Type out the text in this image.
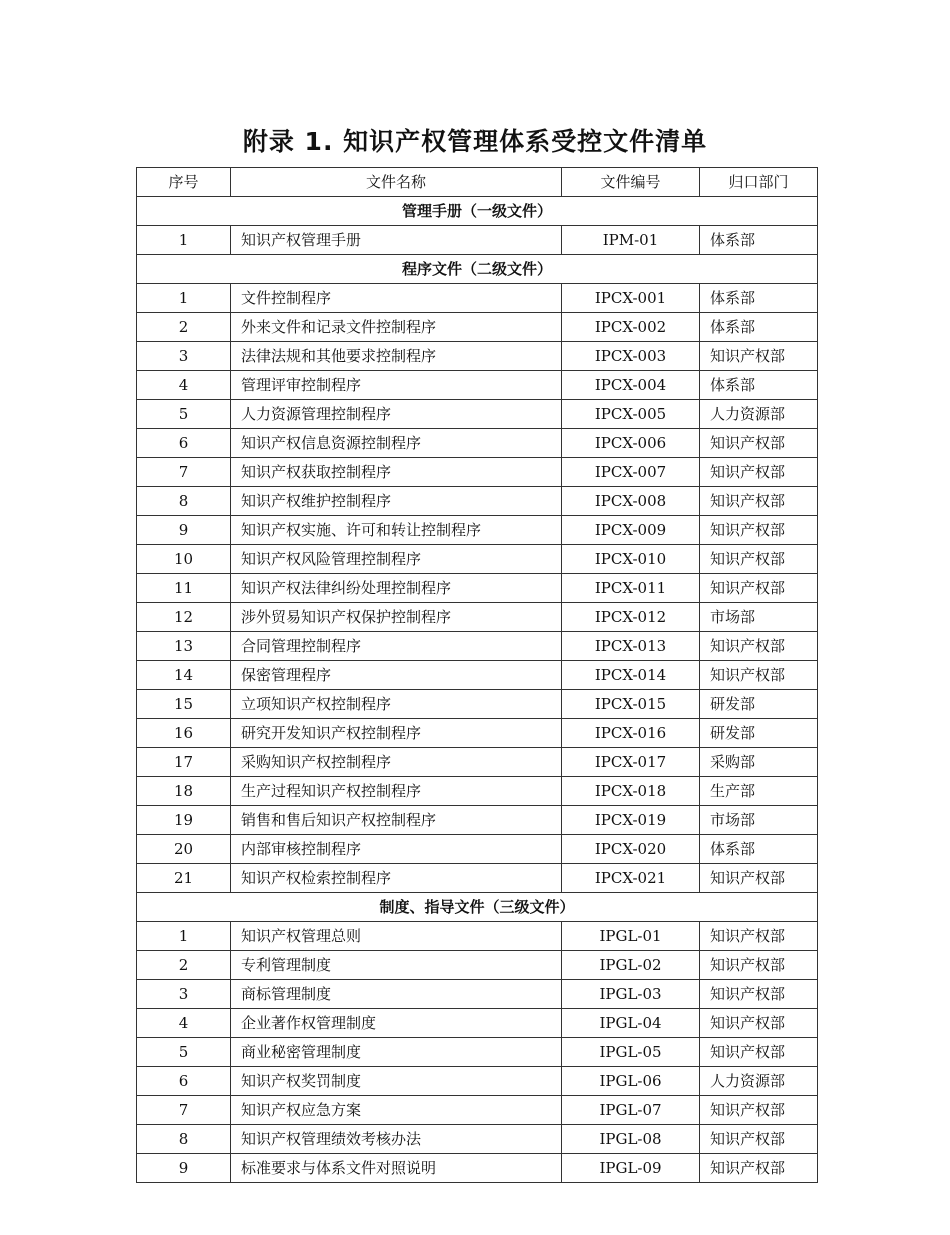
附录 1. 知识产权管理体系受控文件清单
序号	文件名称	文件编号	归口部门
管理手册（一级文件）			
1	知识产权管理手册	IPM-01	体系部
程序文件（二级文件）			
1	文件控制程序	IPCX-001	体系部
2	外来文件和记录文件控制程序	IPCX-002	体系部
3	法律法规和其他要求控制程序	IPCX-003	知识产权部
4	管理评审控制程序	IPCX-004	体系部
5	人力资源管理控制程序	IPCX-005	人力资源部
6	知识产权信息资源控制程序	IPCX-006	知识产权部
7	知识产权获取控制程序	IPCX-007	知识产权部
8	知识产权维护控制程序	IPCX-008	知识产权部
9	知识产权实施、许可和转让控制程序	IPCX-009	知识产权部
10	知识产权风险管理控制程序	IPCX-010	知识产权部
11	知识产权法律纠纷处理控制程序	IPCX-011	知识产权部
12	涉外贸易知识产权保护控制程序	IPCX-012	市场部
13	合同管理控制程序	IPCX-013	知识产权部
14	保密管理程序	IPCX-014	知识产权部
15	立项知识产权控制程序	IPCX-015	研发部
16	研究开发知识产权控制程序	IPCX-016	研发部
17	采购知识产权控制程序	IPCX-017	采购部
18	生产过程知识产权控制程序	IPCX-018	生产部
19	销售和售后知识产权控制程序	IPCX-019	市场部
20	内部审核控制程序	IPCX-020	体系部
21	知识产权检索控制程序	IPCX-021	知识产权部
制度、指导文件（三级文件）			
1	知识产权管理总则	IPGL-01	知识产权部
2	专利管理制度	IPGL-02	知识产权部
3	商标管理制度	IPGL-03	知识产权部
4	企业著作权管理制度	IPGL-04	知识产权部
5	商业秘密管理制度	IPGL-05	知识产权部
6	知识产权奖罚制度	IPGL-06	人力资源部
7	知识产权应急方案	IPGL-07	知识产权部
8	知识产权管理绩效考核办法	IPGL-08	知识产权部
9	标准要求与体系文件对照说明	IPGL-09	知识产权部
